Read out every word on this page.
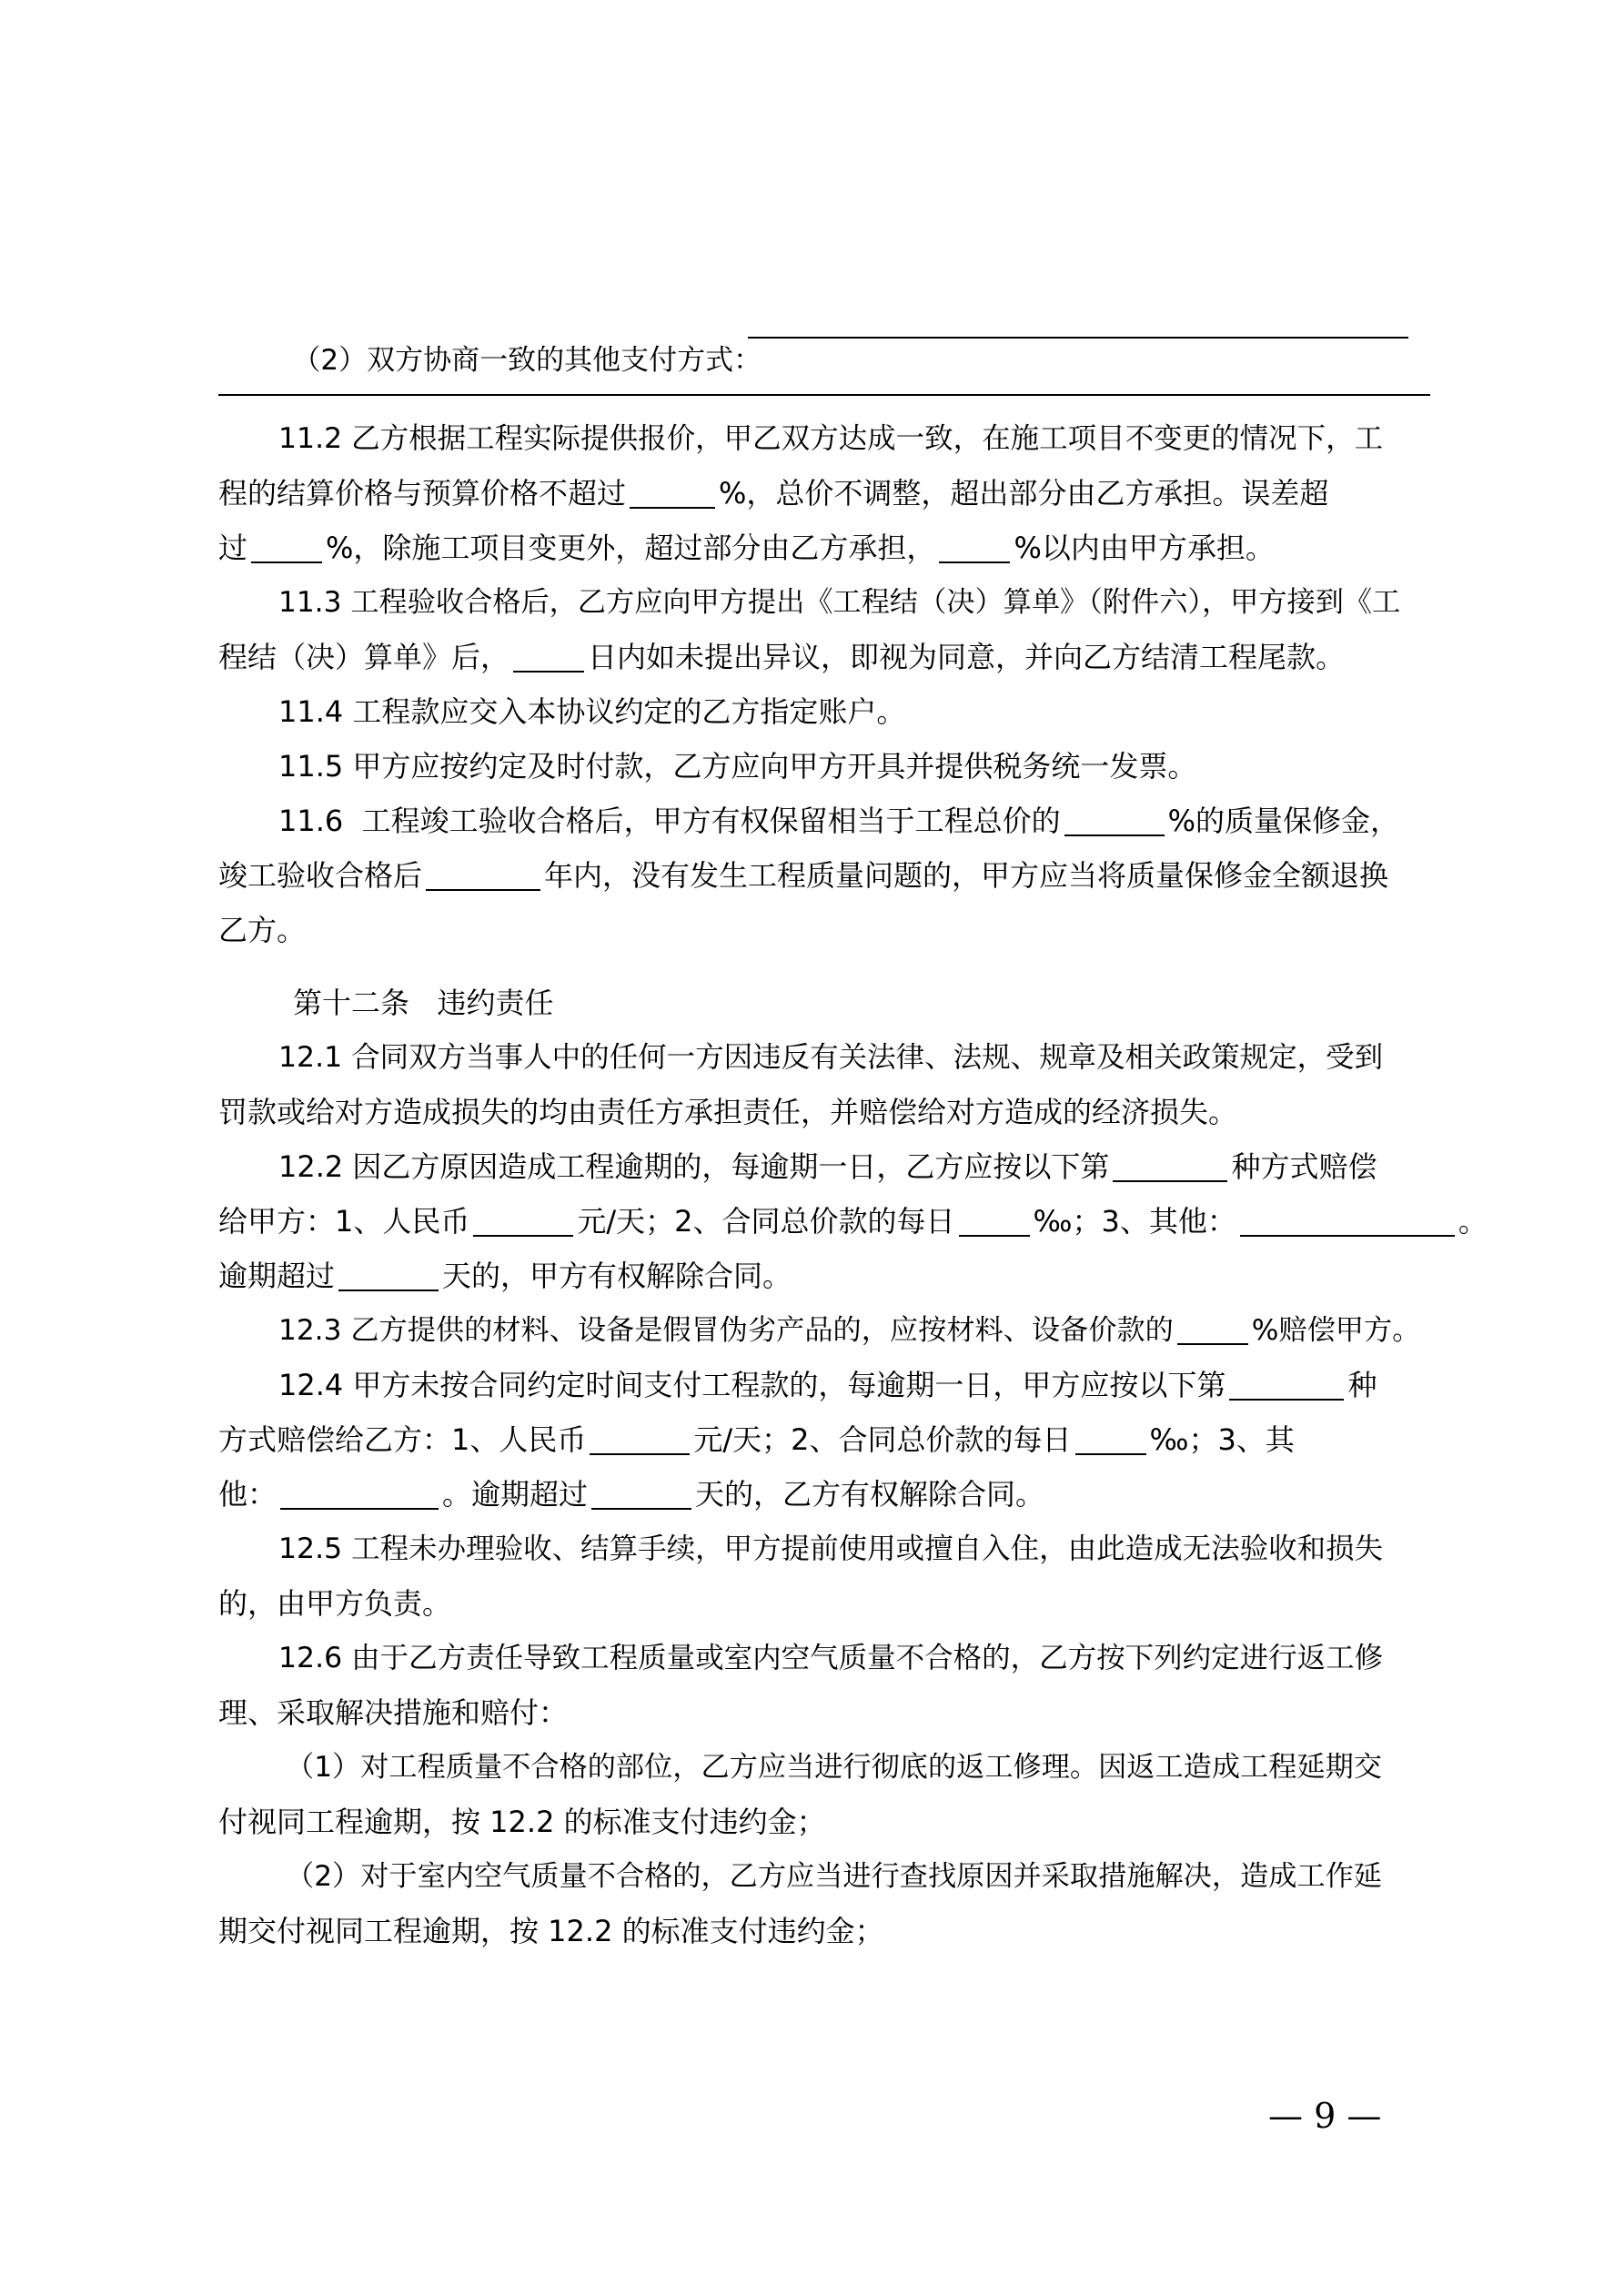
（2）双方协商一致的其他支付方式：

11.2 乙方根据工程实际提供报价，甲乙双方达成一致，在施工项目不变更的情况下，工
程的结算价格与预算价格不超过	%，总价不调整，超出部分由乙方承担。误差超
过	%，除施工项目变更外，超过部分由乙方承担，	%以内由甲方承担。
11.3 工程验收合格后，乙方应向甲方提出《工程结（决）算单》（附件六），甲方接到《工
程结（决）算单》后，	日内如未提出异议，即视为同意，并向乙方结清工程尾款。
11.4 工程款应交入本协议约定的乙方指定账户。
11.5 甲方应按约定及时付款，乙方应向甲方开具并提供税务统一发票。
11.6  工程竣工验收合格后，甲方有权保留相当于工程总价的	%的质量保修金，
竣工验收合格后	年内，没有发生工程质量问题的，甲方应当将质量保修金全额退换
乙方。
第十二条   违约责任
12.1 合同双方当事人中的任何一方因违反有关法律、法规、规章及相关政策规定，受到
罚款或给对方造成损失的均由责任方承担责任，并赔偿给对方造成的经济损失。
12.2 因乙方原因造成工程逾期的，每逾期一日，乙方应按以下第	种方式赔偿
给甲方：1、人民币	元/天；2、合同总价款的每日	‰；3、其他：	。
逾期超过	天的，甲方有权解除合同。
12.3 乙方提供的材料、设备是假冒伪劣产品的，应按材料、设备价款的	%赔偿甲方。
12.4 甲方未按合同约定时间支付工程款的，每逾期一日，甲方应按以下第	种
方式赔偿给乙方：1、人民币	元/天；2、合同总价款的每日	‰；3、其
他：	。逾期超过	天的，乙方有权解除合同。
12.5 工程未办理验收、结算手续，甲方提前使用或擅自入住，由此造成无法验收和损失
的，由甲方负责。
12.6 由于乙方责任导致工程质量或室内空气质量不合格的，乙方按下列约定进行返工修
理、采取解决措施和赔付：
（1）对工程质量不合格的部位，乙方应当进行彻底的返工修理。因返工造成工程延期交
付视同工程逾期，按 12.2 的标准支付违约金；
（2）对于室内空气质量不合格的，乙方应当进行查找原因并采取措施解决，造成工作延
期交付视同工程逾期，按 12.2 的标准支付违约金；
— 9 —
